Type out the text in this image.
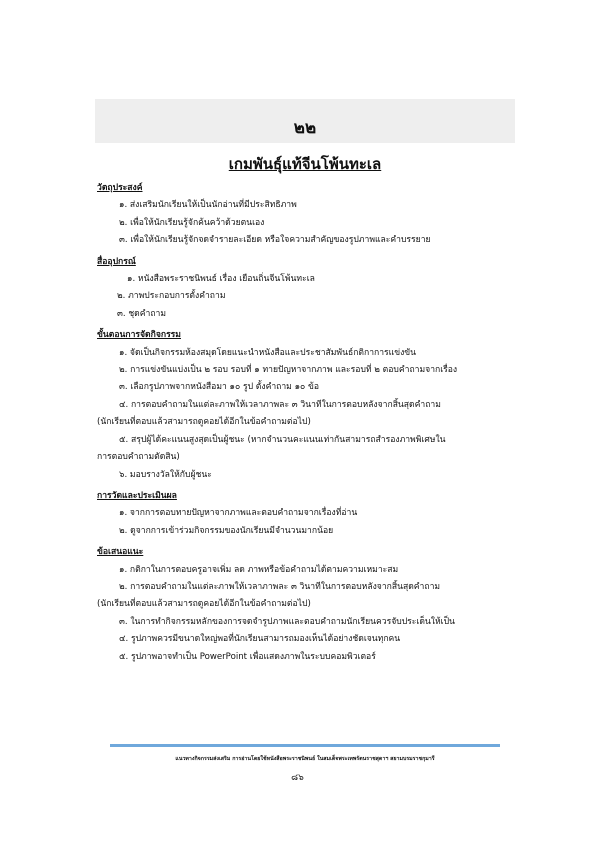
๒๒
เกมพันธุ์แท้จีนโพ้นทะเล
วัตถุประสงค์
๑. ส่งเสริมนักเรียนให้เป็นนักอ่านที่มีประสิทธิภาพ
๒. เพื่อให้นักเรียนรู้จักค้นคว้าด้วยตนเอง
๓. เพื่อให้นักเรียนรู้จักจดจำรายละเอียด หรือใจความสำคัญของรูปภาพและคำบรรยาย
สื่ออุปกรณ์
๑. หนังสือพระราชนิพนธ์ เรื่อง เยือนถิ่นจีนโพ้นทะเล
๒. ภาพประกอบการตั้งคำถาม
๓. ชุดคำถาม
ขั้นตอนการจัดกิจกรรม
๑. จัดเป็นกิจกรรมห้องสมุดโดยแนะนำหนังสือและประชาสัมพันธ์กติกาการแข่งขัน
๒. การแข่งขันแบ่งเป็น ๒ รอบ รอบที่ ๑ ทายปัญหาจากภาพ และรอบที่ ๒ ตอบคำถามจากเรื่อง
๓. เลือกรูปภาพจากหนังสือมา ๑๐ รูป ตั้งคำถาม ๑๐ ข้อ
๔. การตอบคำถามในแต่ละภาพให้เวลาภาพละ ๓ วินาทีในการตอบหลังจากสิ้นสุดคำถาม
(นักเรียนที่ตอบแล้วสามารถดูคอยได้อีกในข้อคำถามต่อไป)
๕. สรุปผู้ได้คะแนนสูงสุดเป็นผู้ชนะ (หากจำนวนคะแนนเท่ากันสามารถสำรองภาพพิเศษใน
การตอบคำถามตัดสิน)
๖. มอบรางวัลให้กับผู้ชนะ
การวัดและประเมินผล
๑. จากการตอบทายปัญหาจากภาพและตอบคำถามจากเรื่องที่อ่าน
๒. ดูจากการเข้าร่วมกิจกรรมของนักเรียนมีจำนวนมากน้อย
ข้อเสนอแนะ
๑. กติกาในการตอบครูอาจเพิ่ม ลด ภาพหรือข้อคำถามได้ตามความเหมาะสม
๒. การตอบคำถามในแต่ละภาพให้เวลาภาพละ ๓ วินาทีในการตอบหลังจากสิ้นสุดคำถาม
(นักเรียนที่ตอบแล้วสามารถดูคอยได้อีกในข้อคำถามต่อไป)
๓. ในการทำกิจกรรมหลักของการจดจำรูปภาพและตอบคำถามนักเรียนควรจับประเด็นให้เป็น
๔. รูปภาพควรมีขนาดใหญ่พอที่นักเรียนสามารถมองเห็นได้อย่างชัดเจนทุกคน
๕. รูปภาพอาจทำเป็น PowerPoint เพื่อแสดงภาพในระบบคอมพิวเตอร์
แนวทางกิจกรรมส่งเสริม การอ่านโดยใช้หนังสือพระราชนิพนธ์ ในสมเด็จพระเทพรัตนราชสุดาฯ สยามบรมราชกุมารี
๘๖
